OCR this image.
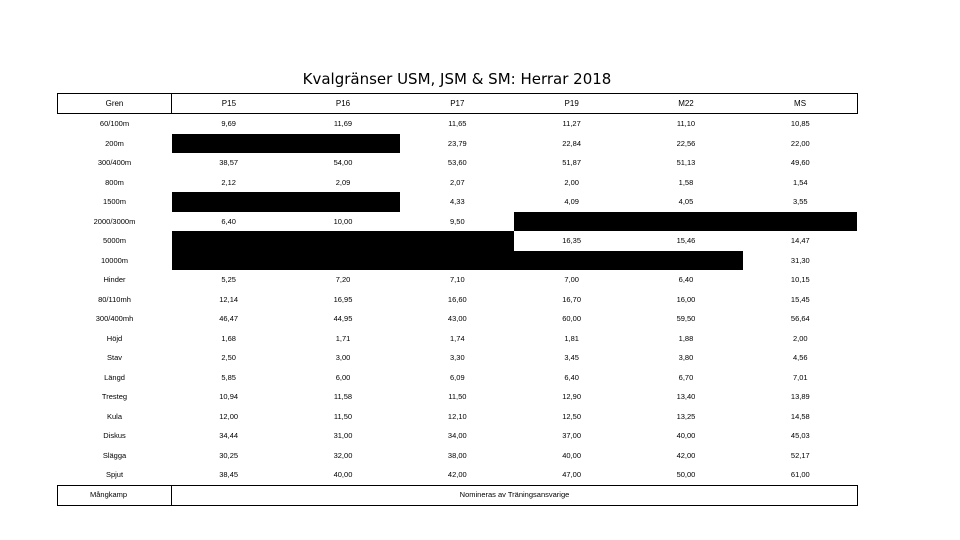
Kvalgränser USM, JSM & SM: Herrar 2018
Gren	P15	P16	P17	P19	M22	MS
60/100m	9,69	11,69	11,65	11,27	11,10	10,85
200m			23,79	22,84	22,56	22,00
300/400m	38,57	54,00	53,60	51,87	51,13	49,60
800m	2,12	2,09	2,07	2,00	1,58	1,54
1500m			4,33	4,09	4,05	3,55
2000/3000m	6,40	10,00	9,50			
5000m				16,35	15,46	14,47
10000m						31,30
Hinder	5,25	7,20	7,10	7,00	6,40	10,15
80/110mh	12,14	16,95	16,60	16,70	16,00	15,45
300/400mh	46,47	44,95	43,00	60,00	59,50	56,64
Höjd	1,68	1,71	1,74	1,81	1,88	2,00
Stav	2,50	3,00	3,30	3,45	3,80	4,56
Längd	5,85	6,00	6,09	6,40	6,70	7,01
Tresteg	10,94	11,58	11,50	12,90	13,40	13,89
Kula	12,00	11,50	12,10	12,50	13,25	14,58
Diskus	34,44	31,00	34,00	37,00	40,00	45,03
Slägga	30,25	32,00	38,00	40,00	42,00	52,17
Spjut	38,45	40,00	42,00	47,00	50,00	61,00
Mångkamp	Nomineras av Träningsansvarige					
